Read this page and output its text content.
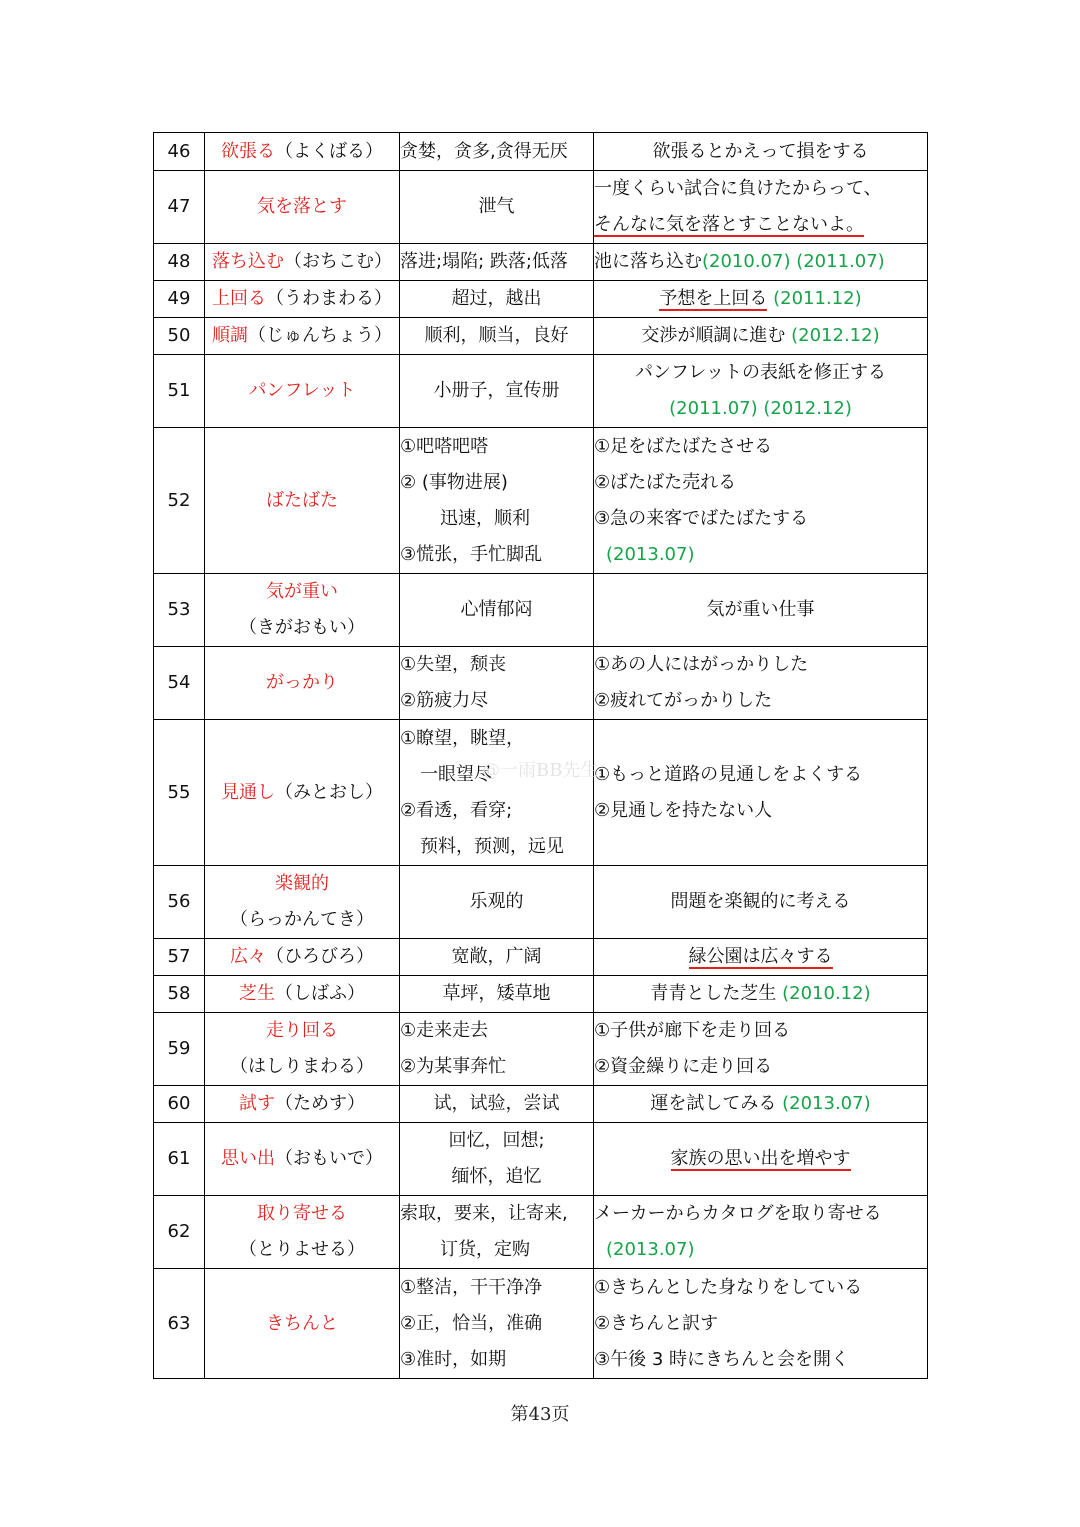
46	欲張る（よくばる）	贪婪，贪多,贪得无厌	欲張るとかえって損をする

47	気を落とす	泄气	一度くらい試合に負けたからって、
そんなに気を落とすことないよ。

48	落ち込む（おちこむ）	落进;塌陷; 跌落;低落	池に落ち込む(2010.07) (2011.07)
49	上回る（うわまわる）	超过，越出	予想を上回る (2011.12)
50	順調（じゅんちょう）	顺利，顺当，良好	交渉が順調に進む (2012.12)
51	パンフレット	小册子，宣传册	パンフレットの表紙を修正する
(2011.07) (2012.12)

52	ばたばた	①吧嗒吧嗒
② (事物进展)
迅速，顺利
③慌张，手忙脚乱	①足をばたばたさせる
②ばたばた売れる
③急の来客でばたばたする
(2013.07)

53	気が重い
（きがおもい）	心情郁闷	気が重い仕事

54	がっかり	①失望，颓丧
②筋疲力尽	①あの人にはがっかりした
②疲れてがっかりした

55	見通し（みとおし）	①瞭望，眺望，
一眼望尽
②看透，看穿;
预料，预测，远见	①もっと道路の見通しをよくする
②見通しを持たない人

56	楽観的
（らっかんてき）	乐观的	問題を楽観的に考える

57	広々（ひろびろ）	宽敞，广阔	緑公園は広々する
58	芝生（しばふ）	草坪，矮草地	青青とした芝生 (2010.12)
59	走り回る
（はしりまわる）	①走来走去
②为某事奔忙	①子供が廊下を走り回る
②資金繰りに走り回る

60	試す（ためす）	试，试验，尝试	運を試してみる (2013.07)
61	思い出（おもいで）	回忆，回想;
缅怀，追忆	家族の思い出を増やす
62	取り寄せる
（とりよせる）	索取，要来，让寄来,
订货，定购	メーカーからカタログを取り寄せる
(2013.07)

63	きちんと	①整洁，干干净净
②正，恰当，准确
③准时，如期	①きちんとした身なりをしている
②きちんと訳す
③午後 3 時にきちんと会を開く
@一雨BB先生
第43页
